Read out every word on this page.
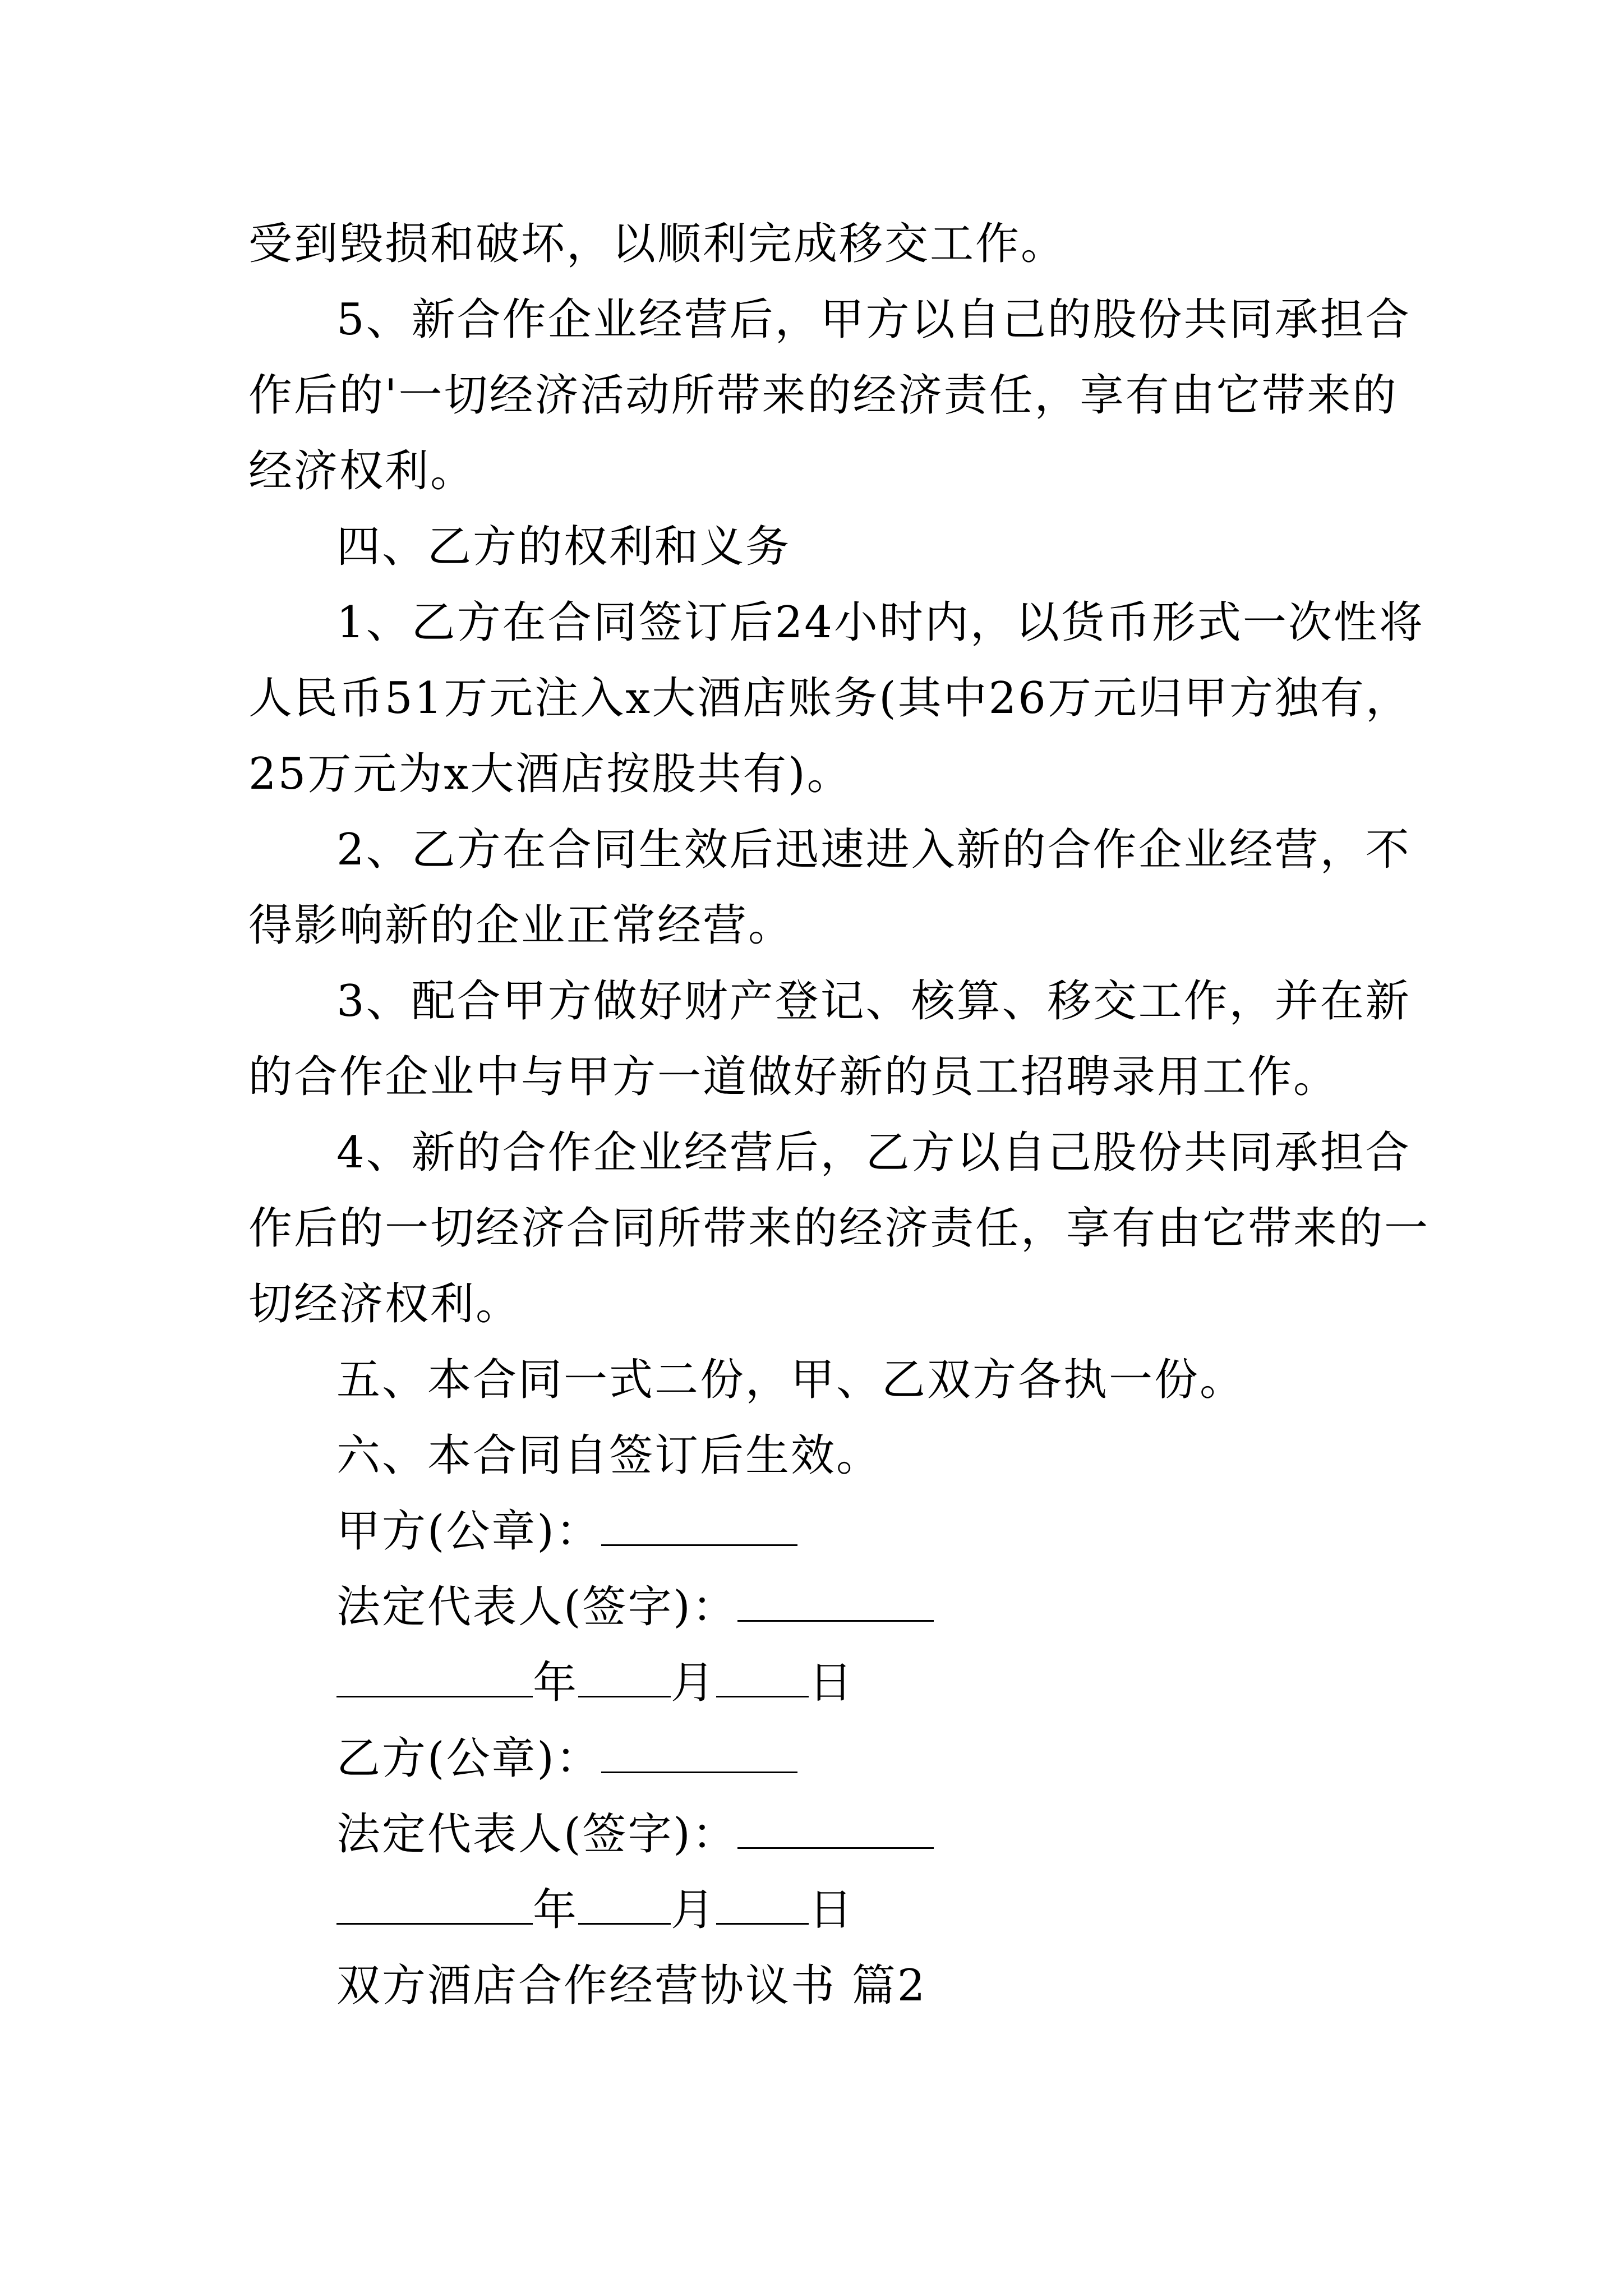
受到毁损和破坏，以顺利完成移交工作。
5、新合作企业经营后，甲方以自己的股份共同承担合
作后的'一切经济活动所带来的经济责任，享有由它带来的
经济权利。
四、乙方的权利和义务
1、乙方在合同签订后24小时内，以货币形式一次性将
人民币51万元注入x大酒店账务(其中26万元归甲方独有，
25万元为x大酒店按股共有)。
2、乙方在合同生效后迅速进入新的合作企业经营，不
得影响新的企业正常经营。
3、配合甲方做好财产登记、核算、移交工作，并在新
的合作企业中与甲方一道做好新的员工招聘录用工作。
4、新的合作企业经营后，乙方以自己股份共同承担合
作后的一切经济合同所带来的经济责任，享有由它带来的一
切经济权利。
五、本合同一式二份，甲、乙双方各执一份。
六、本合同自签订后生效。
甲方(公章)：
法定代表人(签字)：
年 月 日
乙方(公章)：
法定代表人(签字)：
年 月 日
双方酒店合作经营协议书 篇2
